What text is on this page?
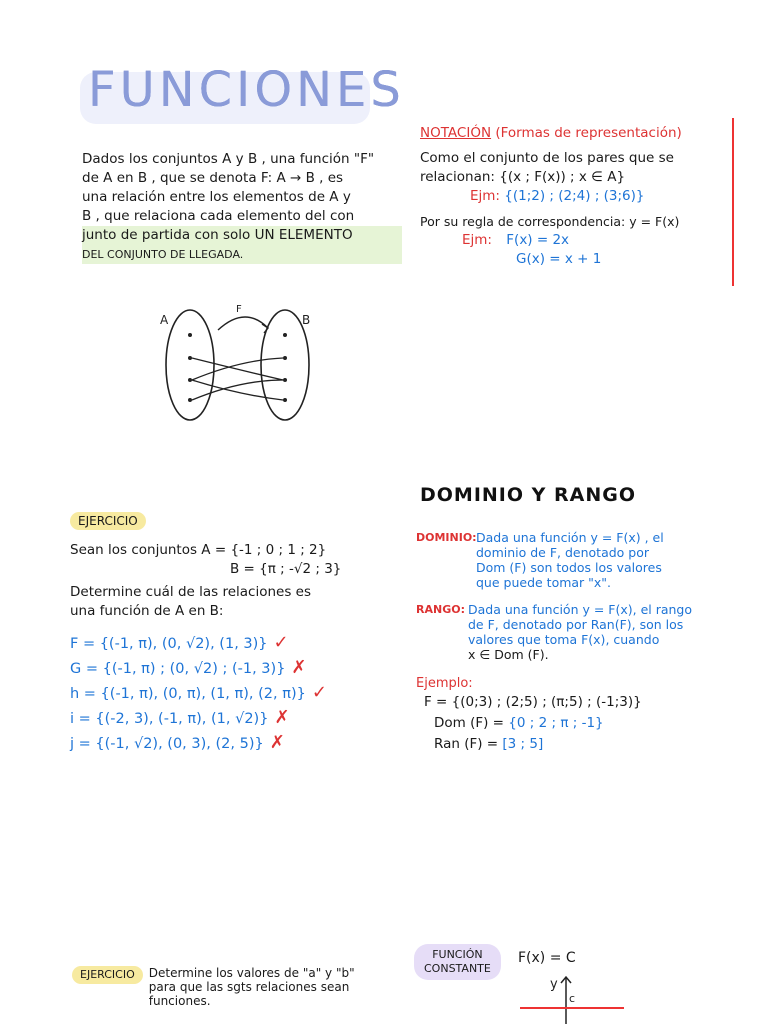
FUNCIONES
Dados los conjuntos A y B , una función "F"
de A en B , que se denota F: A → B , es
una relación entre los elementos de A y
B , que relaciona cada elemento del con
junto de partida con solo UN ELEMENTO
DEL CONJUNTO DE LLEGADA.
NOTACIÓN (Formas de representación)
Como el conjunto de los pares que se
relacionan: {(x ; F(x)) ; x ∈ A}
Ejm: {(1;2) ; (2;4) ; (3;6)}
Por su regla de correspondencia: y = F(x)
Ejm: F(x) = 2x
G(x) = x + 1
A	B
F
EJERCICIO
Sean los conjuntos A = {-1 ; 0 ; 1 ; 2}
B = {π ; -√2 ; 3}
Determine cuál de las relaciones es
una función de A en B:
F = {(-1, π), (0, √2), (1, 3)} ✓
G = {(-1, π) ; (0, √2) ; (-1, 3)} ✗
h = {(-1, π), (0, π), (1, π), (2, π)} ✓
i = {(-2, 3), (-1, π), (1, √2)} ✗
j = {(-1, √2), (0, 3), (2, 5)} ✗
DOMINIO Y RANGO
DOMINIO: Dada una función y = F(x) , el
dominio de F, denotado por
Dom (F) son todos los valores
que puede tomar "x".
RANGO: Dada una función y = F(x), el rango
de F, denotado por Ran(F), son los
valores que toma F(x), cuando
x ∈ Dom (F).
Ejemplo:
F = {(0;3) ; (2;5) ; (π;5) ; (-1;3)}
Dom (F) = {0 ; 2 ; π ; -1}
Ran (F) = [3 ; 5]
EJERCICIO	Determine los valores de "a" y "b"
para que las sgts relaciones sean
funciones.
FUNCIÓN
CONSTANTE
F(x) = C
y
c
